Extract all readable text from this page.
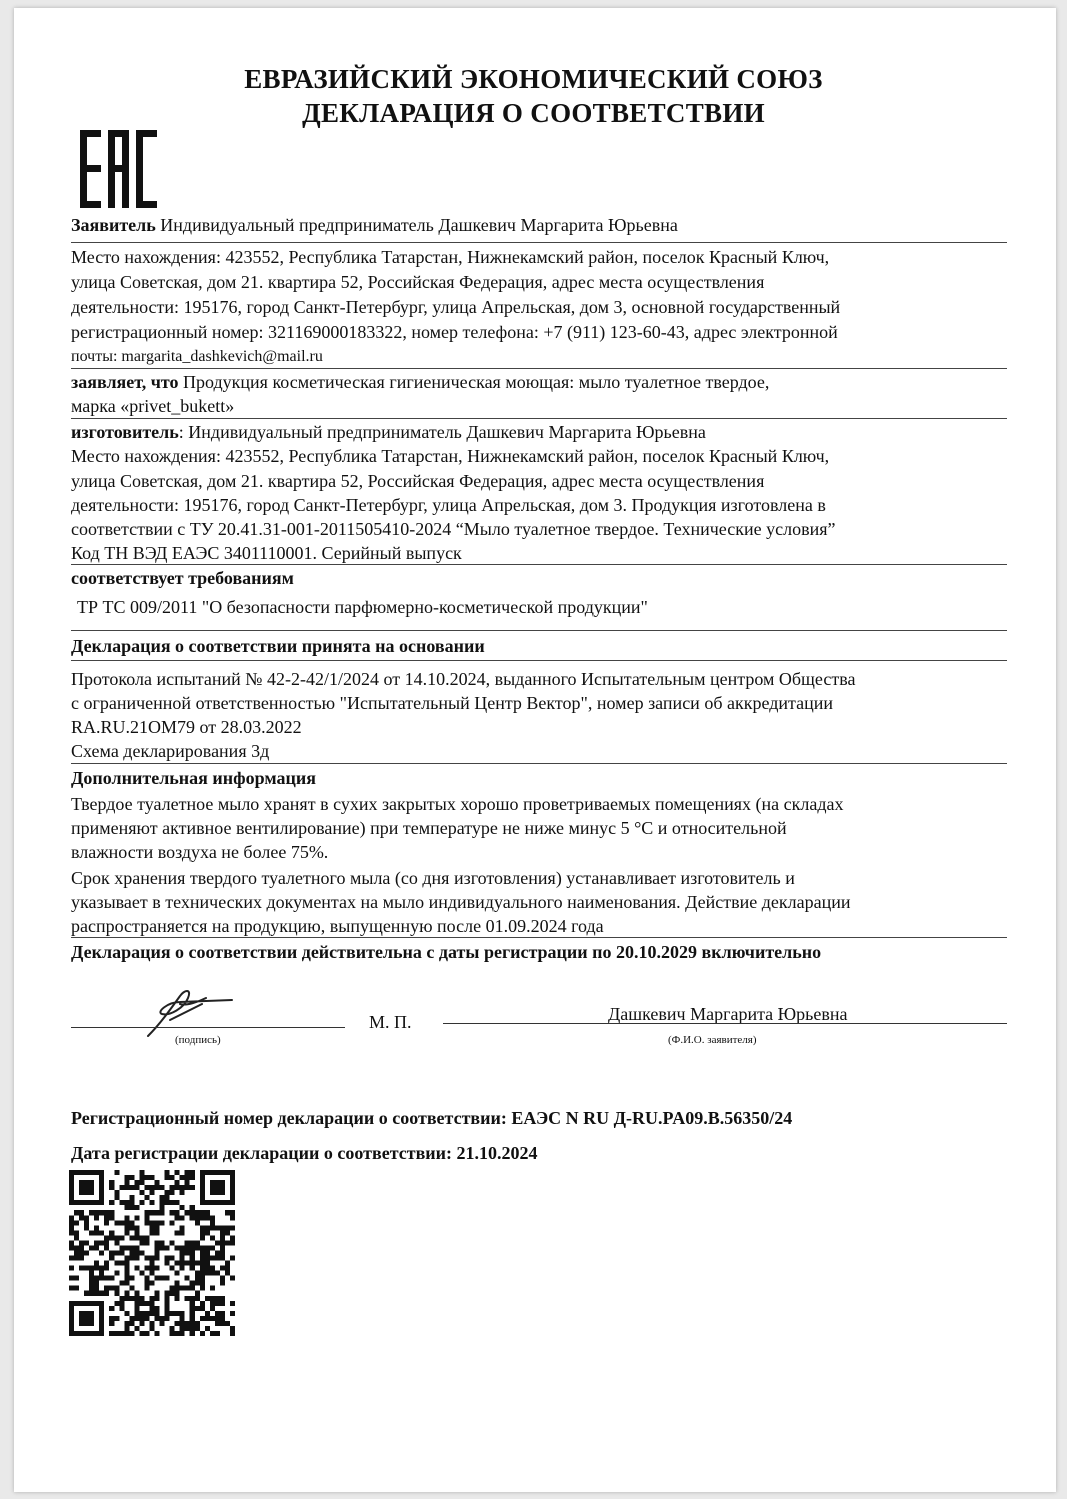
ЕВРАЗИЙСКИЙ ЭКОНОМИЧЕСКИЙ СОЮЗ
ДЕКЛАРАЦИЯ О СООТВЕТСТВИИ
Заявитель Индивидуальный предприниматель Дашкевич Маргарита Юрьевна
Место нахождения: 423552, Республика Татарстан, Нижнекамский район, поселок Красный Ключ,
улица Советская, дом 21. квартира 52, Российская Федерация, адрес места осуществления
деятельности: 195176, город Санкт-Петербург, улица Апрельская, дом 3, основной государственный
регистрационный номер: 321169000183322, номер телефона: +7 (911) 123-60-43, адрес электронной
почты: margarita_dashkevich@mail.ru
заявляет, что Продукция косметическая гигиеническая моющая: мыло туалетное твердое,
марка «privet_bukett»
изготовитель: Индивидуальный предприниматель Дашкевич Маргарита Юрьевна
Место нахождения: 423552, Республика Татарстан, Нижнекамский район, поселок Красный Ключ,
улица Советская, дом 21. квартира 52, Российская Федерация, адрес места осуществления
деятельности: 195176, город Санкт-Петербург, улица Апрельская, дом 3. Продукция изготовлена в
соответствии с ТУ 20.41.31-001-2011505410-2024 “Мыло туалетное твердое. Технические условия”
Код ТН ВЭД ЕАЭС 3401110001. Серийный выпуск
соответствует требованиям
ТР ТС 009/2011 "О безопасности парфюмерно-косметической продукции"
Декларация о соответствии принята на основании
Протокола испытаний № 42-2-42/1/2024 от 14.10.2024, выданного Испытательным центром Общества
с ограниченной ответственностью "Испытательный Центр Вектор", номер записи об аккредитации
RA.RU.21ОМ79 от 28.03.2022
Схема декларирования 3д
Дополнительная информация
Твердое туалетное мыло хранят в сухих закрытых хорошо проветриваемых помещениях (на складах
применяют активное вентилирование) при температуре не ниже минус 5 °С и относительной
влажности воздуха не более 75%.
Срок хранения твердого туалетного мыла (со дня изготовления) устанавливает изготовитель и
указывает в технических документах на мыло индивидуального наименования. Действие декларации
распространяется на продукцию, выпущенную после 01.09.2024 года
Декларация о соответствии действительна с даты регистрации по 20.10.2029 включительно
(подпись)
М. П.	Дашкевич Маргарита Юрьевна
(Ф.И.О. заявителя)
Регистрационный номер декларации о соответствии: ЕАЭС N RU Д-RU.PA09.B.56350/24
Дата регистрации декларации о соответствии: 21.10.2024
